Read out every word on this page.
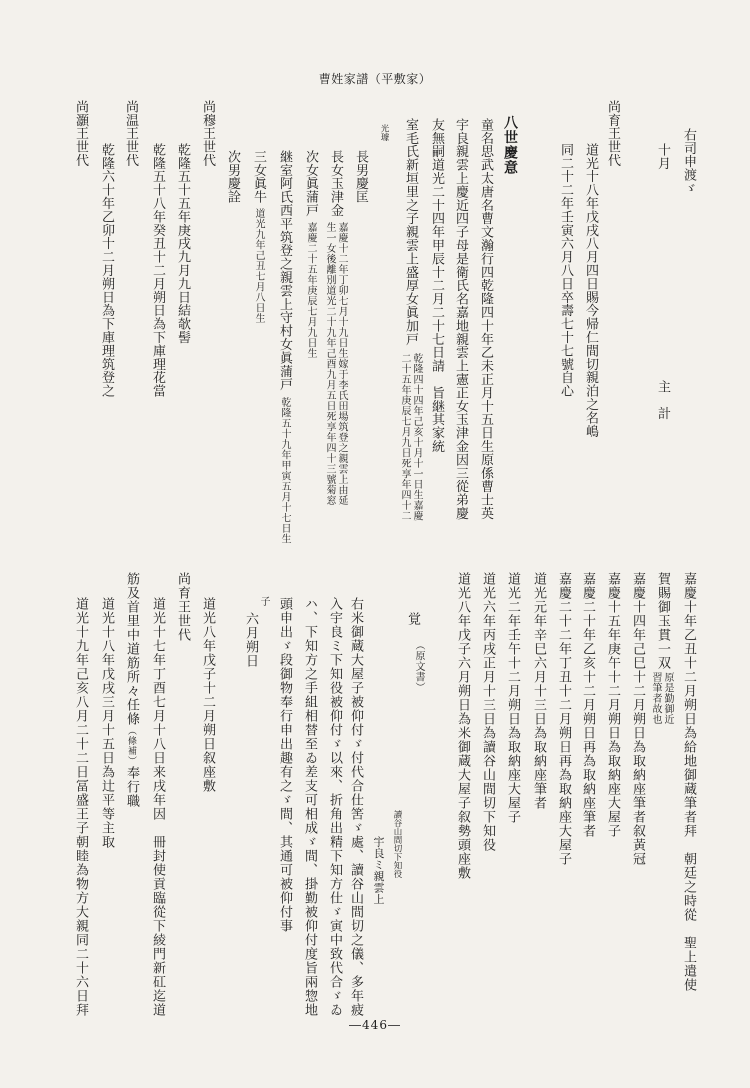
曹姓家譜（平敷家）
右司申渡ゞ
十月
主　計
尚育王世代
道光十八年戊戌八月四日賜今帰仁間切親泊之名嶋
同二十二年壬寅六月八日卒壽七十七號自心
八世慶意
童名思武太唐名曹文瀚行四乾隆四十年乙未正月十五日生原係曹士英
宇良親雲上慶近四子母是衛氏名嘉地親雲上憲正女玉津金因三從弟慶
友無嗣道光二十四年甲辰十二月二十七日請　旨継其家統
室毛氏新垣里之子親雲上盛厚女眞加戸
乾隆四十四年己亥十月十一日生嘉慶
二十五年庚辰七月九日死享年四十二
光璩
長男慶匡
長女玉津金
嘉慶十二年丁卯七月十九日生嫁于李氏田場筑登之親雲上由延
生一女後離別道光二十九年己酉九月五日死享年四十三號菊窓
次女眞蒲戸
嘉慶二十五年庚辰七月九日生
継室阿氏西平筑登之親雲上守村女眞蒲戸
乾隆五十九年甲寅五月十七日生
三女眞牛
道光九年己丑七月八日生
次男慶詮
尚穆王世代
乾隆五十五年庚戌九月九日結欹髻
乾隆五十八年癸丑十二月朔日為下庫理花當
尚温王世代
乾隆六十年乙卯十二月朔日為下庫理筑登之
尚灝王世代
嘉慶十年乙丑十二月朔日為給地御蔵筆者拜　朝廷之時從　聖上遣使
賀賜御玉貫一双
原是勤御近
習筆者故也
嘉慶十四年己巳十二月朔日為取納座筆者叙黃冠
嘉慶十五年庚午十二月朔日為取納座大屋子
嘉慶二十年乙亥十二月朔日再為取納座筆者
嘉慶二十二年丁丑十二月朔日再為取納座大屋子
道光元年辛巳六月十三日為取納座筆者
道光二年壬午十二月朔日為取納座大屋子
道光六年丙戌正月十三日為讀谷山間切下知役
道光八年戊子六月朔日為米御蔵大屋子叙勢頭座敷
覚
（原文書）
讀谷山間切下知役
宇良ミ親雲上
右米御蔵大屋子被仰付ゞ付代合仕筈ゞ處、讀谷山間切之儀、多年疲
入宇良ミ下知役被仰付ゞ以來、折角出精下知方仕ゞ寅中致代合ゞゐ
ハ、下知方之手組相替至ゐ差支可相成ゞ間、掛勤被仰付度旨兩惣地
頭申出ゞ段御物奉行申出趣有之ゞ間、其通可被仰付事
子
六月朔日
道光八年戊子十二月朔日叙座敷
尚育王世代
道光十七年丁酉七月十八日来戌年因　冊封使貢臨從下綾門新矼迄道
筋及首里中道筋所々任條（條補）奉行職
道光十八年戊戌三月十五日為辻平等主取
道光十九年己亥八月二十二日冨盛王子朝睦為物方大親同二十六日拜
―446―
